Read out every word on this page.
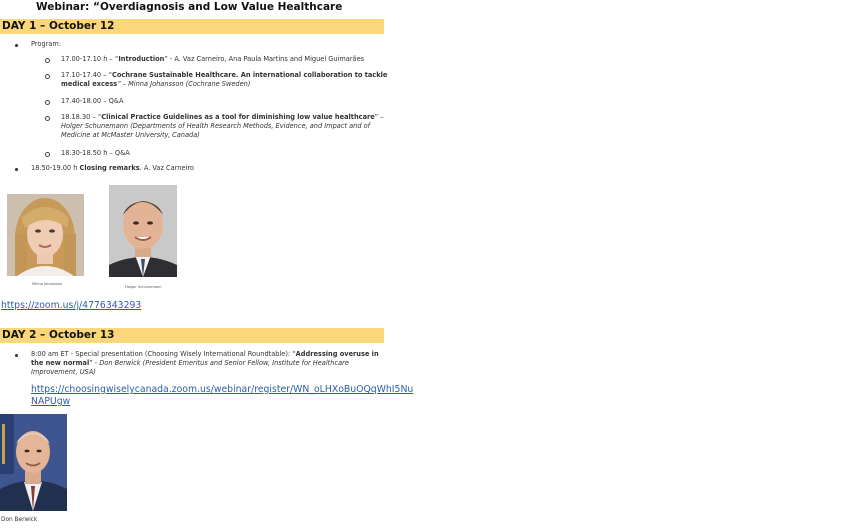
Webinar: “Overdiagnosis and Low Value Healthcare
DAY 1 – October 12
Program:
17.00-17.10 h – “Introduction” - A. Vaz Carneiro, Ana Paula Martins and Miguel Guimarães
17.10-17.40 – “Cochrane Sustainable Healthcare. An international collaboration to tackle
medical excess” – Minna Johansson (Cochrane Sweden)
17.40-18.00 – Q&A
18.18.30 – “Clinical Practice Guidelines as a tool for diminishing low value healthcare” –
Holger Schunemann (Departments of Health Research Methods, Evidence, and Impact and of
Medicine at McMaster University, Canada)
18.30-18.50 h – Q&A
18.50-19.00 h Closing remarks. A. Vaz Carneiro
Minna Johansson
Holger Schunemann
https://zoom.us/j/4776343293
DAY 2 – October 13
8:00 am ET - Special presentation (Choosing Wisely International Roundtable): “Addressing overuse in
the new normal” - Don Berwick (President Emeritus and Senior Fellow, Institute for Healthcare
Improvement, USA)
https://choosingwiselycanada.zoom.us/webinar/register/WN_oLHXoBuOQqWhI5Nu
NAPUgw
Don Berwick
